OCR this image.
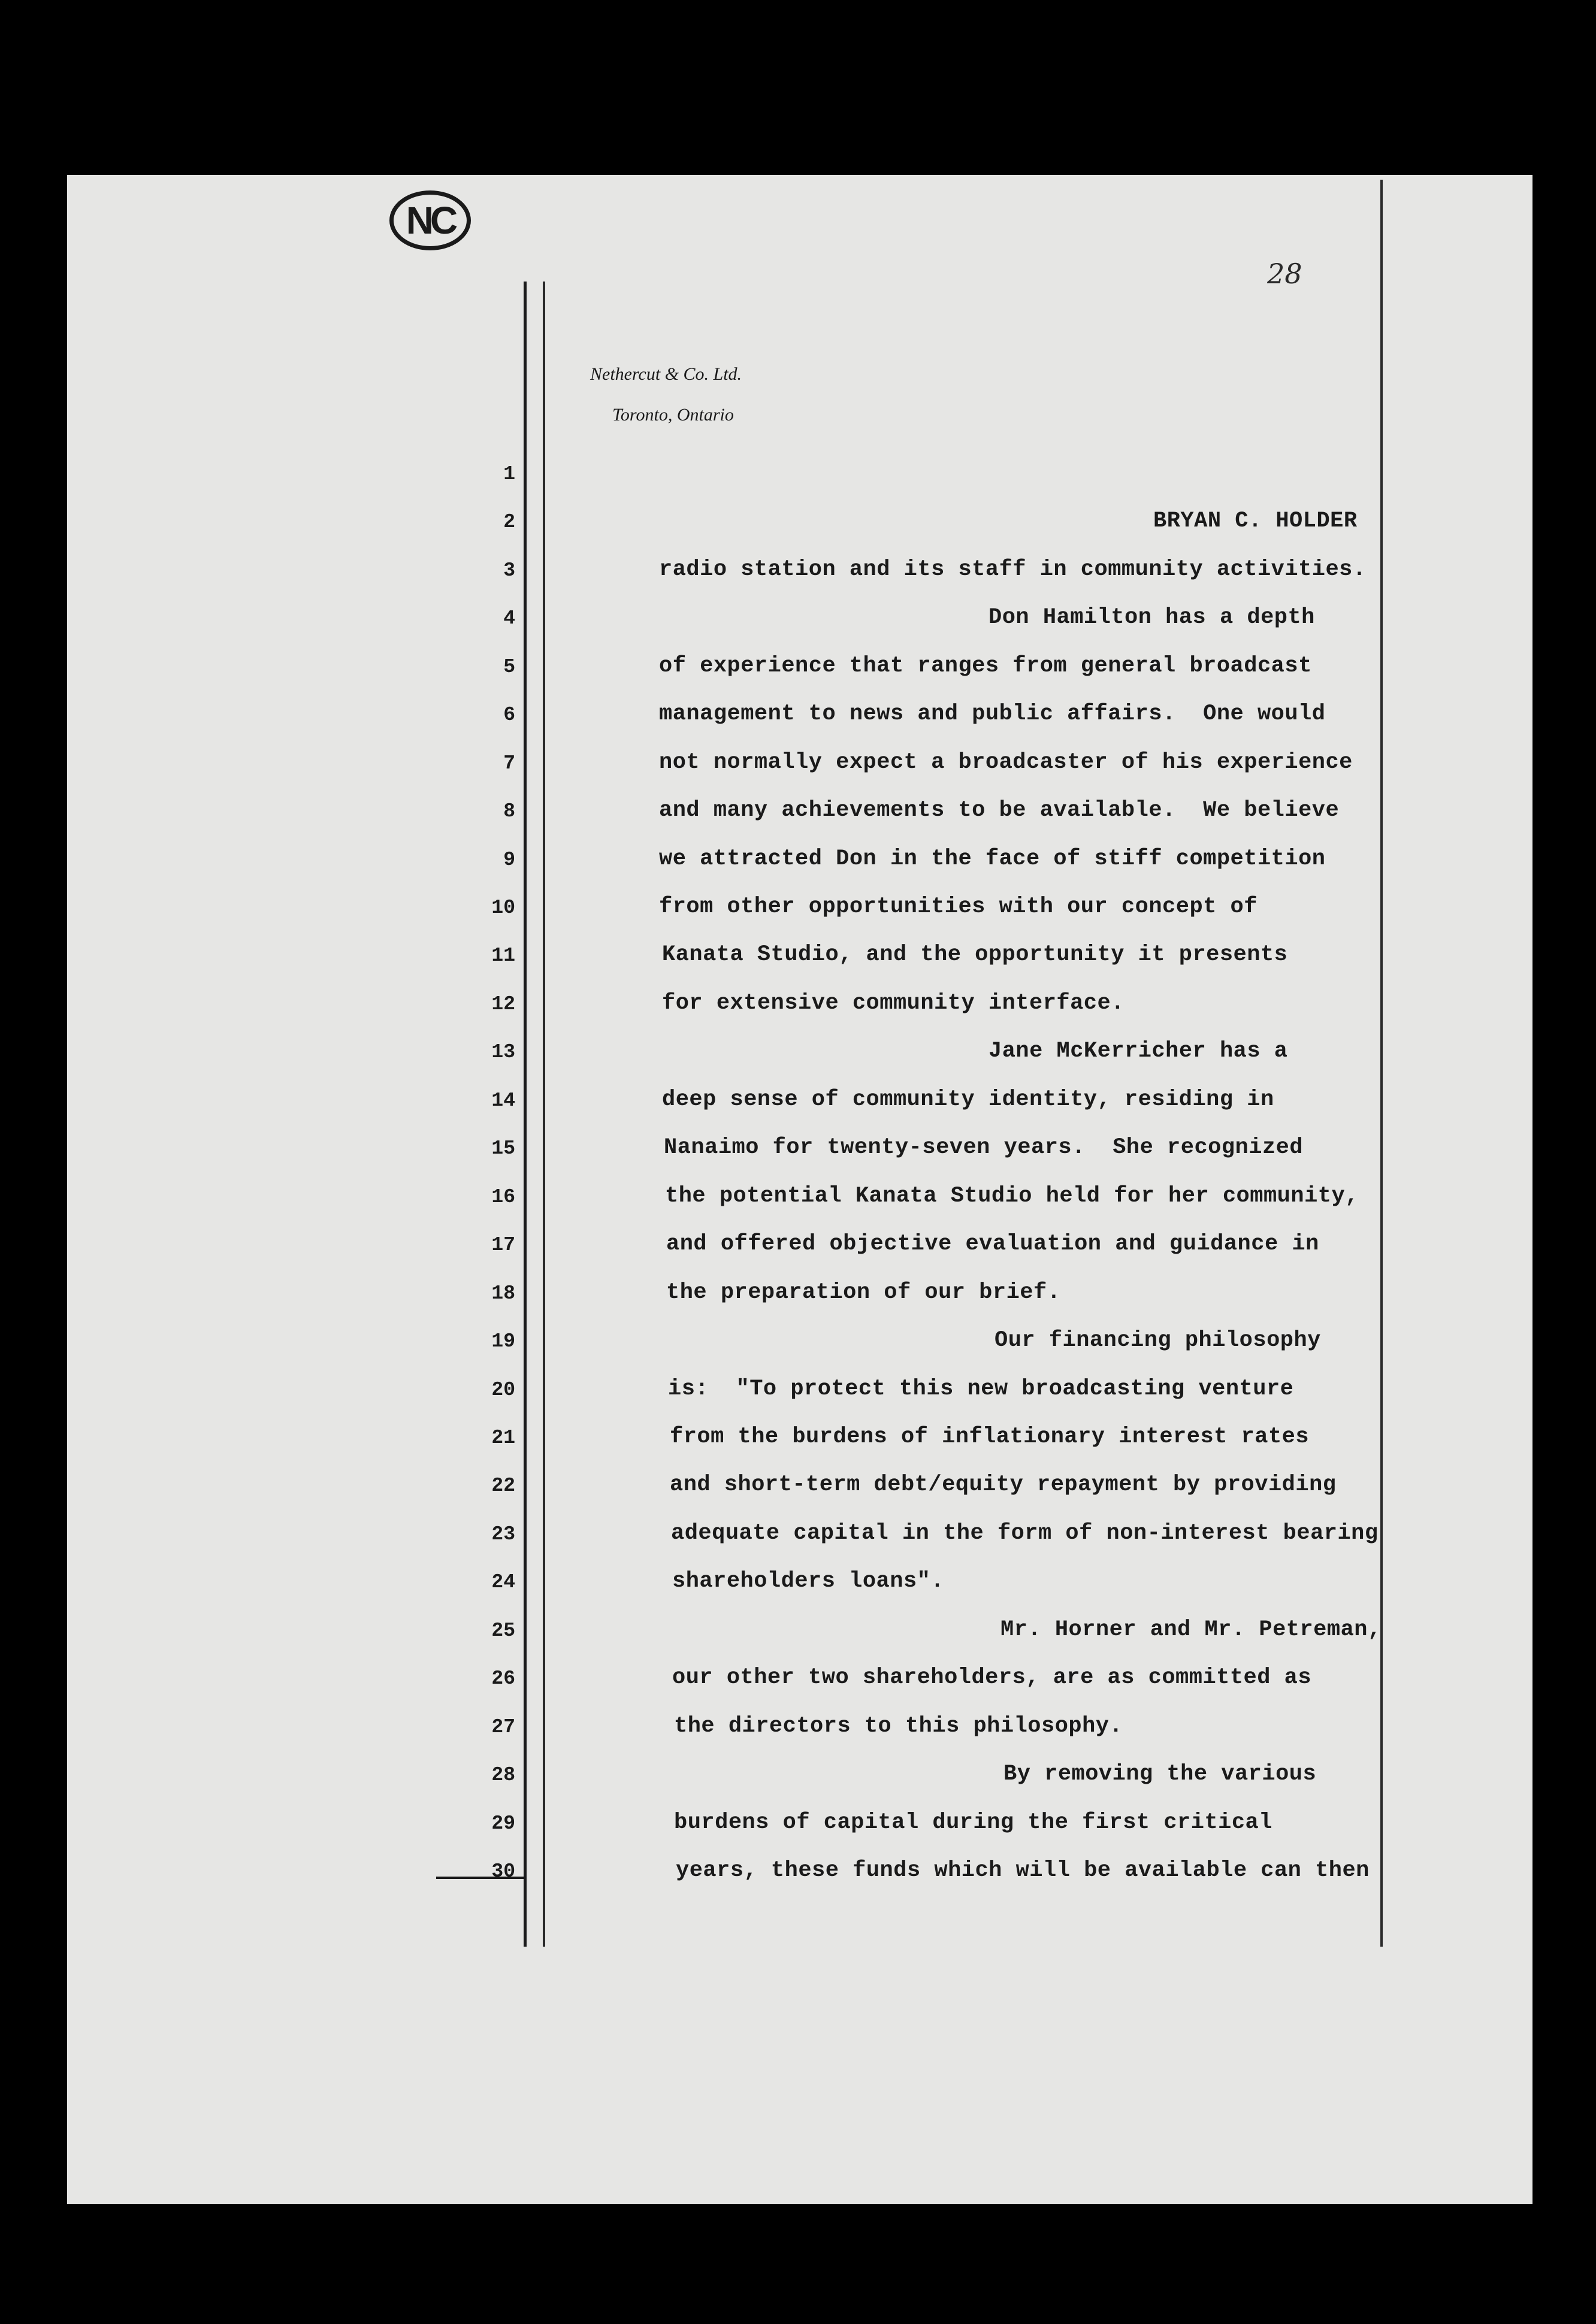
NC
Nethercut & Co. Ltd.
Toronto, Ontario
28
1
2	BRYAN C. HOLDER
3	radio station and its staff in community activities.
4	Don Hamilton has a depth
5	of experience that ranges from general broadcast
6	management to news and public affairs.  One would
7	not normally expect a broadcaster of his experience
8	and many achievements to be available.  We believe
9	we attracted Don in the face of stiff competition
10	from other opportunities with our concept of
11	Kanata Studio, and the opportunity it presents
12	for extensive community interface.
13	Jane McKerricher has a
14	deep sense of community identity, residing in
15	Nanaimo for twenty-seven years.  She recognized
16	the potential Kanata Studio held for her community,
17	and offered objective evaluation and guidance in
18	the preparation of our brief.
19	Our financing philosophy
20	is:  "To protect this new broadcasting venture
21	from the burdens of inflationary interest rates
22	and short-term debt/equity repayment by providing
23	adequate capital in the form of non-interest bearing
24	shareholders loans".
25	Mr. Horner and Mr. Petreman,
26	our other two shareholders, are as committed as
27	the directors to this philosophy.
28	By removing the various
29	burdens of capital during the first critical
30	years, these funds which will be available can then
